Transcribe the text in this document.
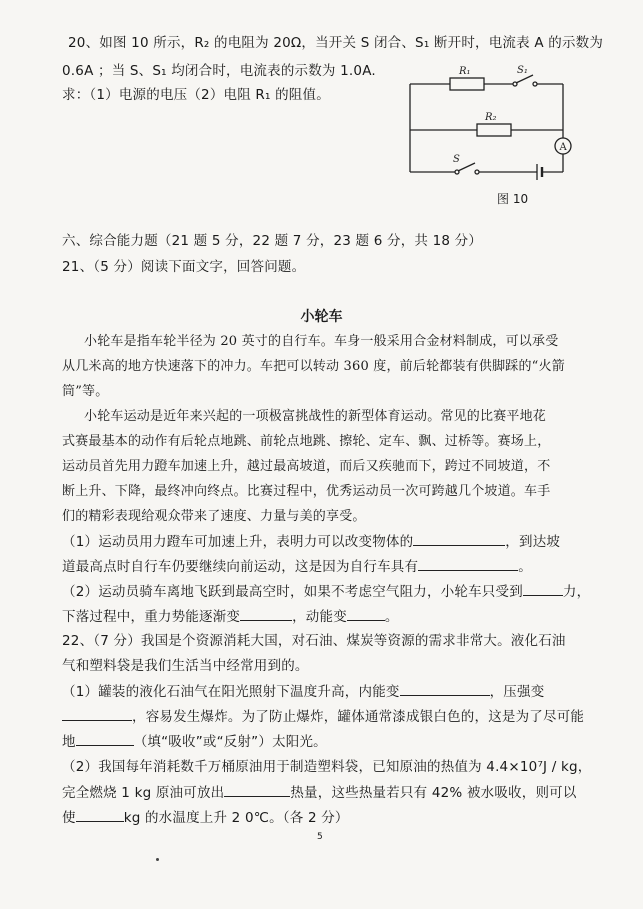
20、如图 10 所示，R₂ 的电阻为 20Ω，当开关 S 闭合、S₁ 断开时，电流表 A 的示数为
0.6A ；当 S、S₁ 均闭合时，电流表的示数为 1.0A.
求：（1）电源的电压（2）电阻 R₁ 的阻值。
R₁	S₁
R₂
S
A
图 10
六、综合能力题（21 题 5 分，22 题 7 分，23 题 6 分，共 18 分）
21、（5 分）阅读下面文字，回答问题。
小轮车
小轮车是指车轮半径为 20 英寸的自行车。车身一般采用合金材料制成，可以承受
从几米高的地方快速落下的冲力。车把可以转动 360 度，前后轮都装有供脚踩的“火箭
筒”等。
小轮车运动是近年来兴起的一项极富挑战性的新型体育运动。常见的比赛平地花
式赛最基本的动作有后轮点地跳、前轮点地跳、擦轮、定车、飘、过桥等。赛场上，
运动员首先用力蹬车加速上升，越过最高坡道，而后又疾驰而下，跨过不同坡道，不
断上升、下降，最终冲向终点。比赛过程中，优秀运动员一次可跨越几个坡道。车手
们的精彩表现给观众带来了速度、力量与美的享受。
（1）运动员用力蹬车可加速上升，表明力可以改变物体的	，到达坡
道最高点时自行车仍要继续向前运动，这是因为自行车具有	。
（2）运动员骑车离地飞跃到最高空时，如果不考虑空气阻力，小轮车只受到	力，
下落过程中，重力势能逐渐变	，动能变	。
22、（7 分）我国是个资源消耗大国，对石油、煤炭等资源的需求非常大。液化石油
气和塑料袋是我们生活当中经常用到的。
（1）罐装的液化石油气在阳光照射下温度升高，内能变	，压强变
，容易发生爆炸。为了防止爆炸，罐体通常漆成银白色的，这是为了尽可能
地	（填“吸收”或“反射”）太阳光。
（2）我国每年消耗数千万桶原油用于制造塑料袋，已知原油的热值为 4.4×10⁷J / kg，
完全燃烧 1 kg 原油可放出	热量，这些热量若只有 42% 被水吸收，则可以
使	kg 的水温度上升 2 0℃。（各 2 分）
5
